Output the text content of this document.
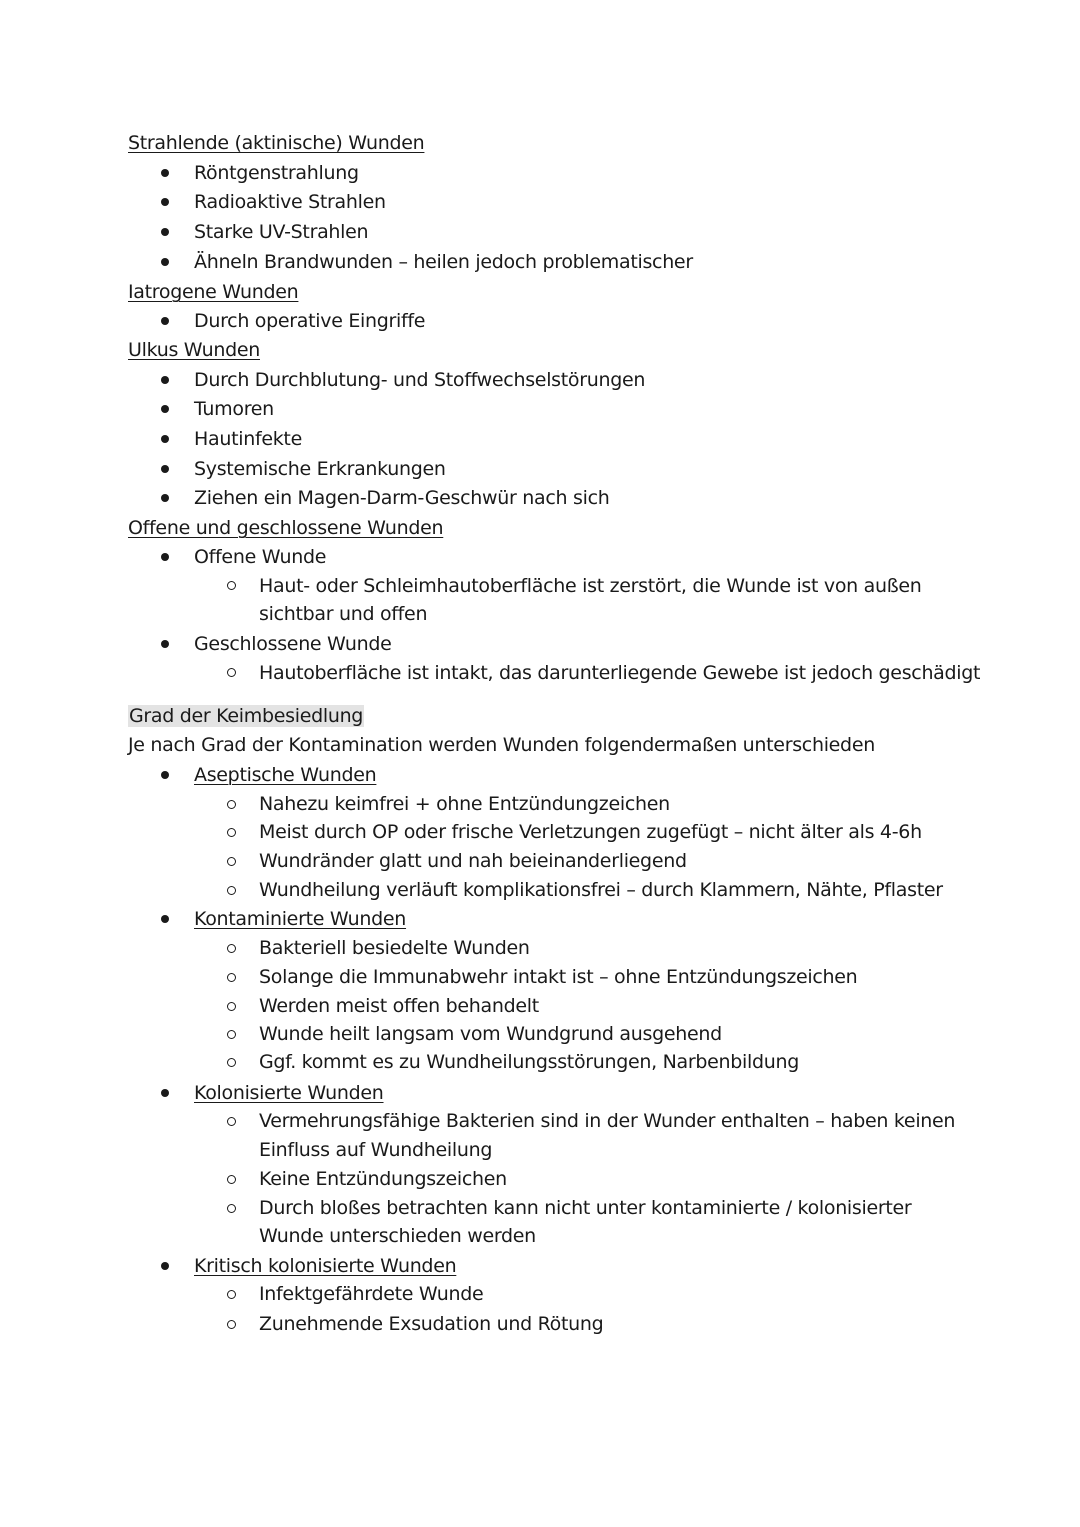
Strahlende (aktinische) Wunden
Röntgenstrahlung
Radioaktive Strahlen
Starke UV-Strahlen
Ähneln Brandwunden – heilen jedoch problematischer
Iatrogene Wunden
Durch operative Eingriffe
Ulkus Wunden
Durch Durchblutung- und Stoffwechselstörungen
Tumoren
Hautinfekte
Systemische Erkrankungen
Ziehen ein Magen-Darm-Geschwür nach sich
Offene und geschlossene Wunden
Offene Wunde
Haut- oder Schleimhautoberfläche ist zerstört, die Wunde ist von außen
sichtbar und offen
Geschlossene Wunde
Hautoberfläche ist intakt, das darunterliegende Gewebe ist jedoch geschädigt
Grad der Keimbesiedlung
Je nach Grad der Kontamination werden Wunden folgendermaßen unterschieden
Aseptische Wunden
Nahezu keimfrei + ohne Entzündungzeichen
Meist durch OP oder frische Verletzungen zugefügt – nicht älter als 4-6h
Wundränder glatt und nah beieinanderliegend
Wundheilung verläuft komplikationsfrei – durch Klammern, Nähte, Pflaster
Kontaminierte Wunden
Bakteriell besiedelte Wunden
Solange die Immunabwehr intakt ist – ohne Entzündungszeichen
Werden meist offen behandelt
Wunde heilt langsam vom Wundgrund ausgehend
Ggf. kommt es zu Wundheilungsstörungen, Narbenbildung
Kolonisierte Wunden
Vermehrungsfähige Bakterien sind in der Wunder enthalten – haben keinen
Einfluss auf Wundheilung
Keine Entzündungszeichen
Durch bloßes betrachten kann nicht unter kontaminierte / kolonisierter
Wunde unterschieden werden
Kritisch kolonisierte Wunden
Infektgefährdete Wunde
Zunehmende Exsudation und Rötung
